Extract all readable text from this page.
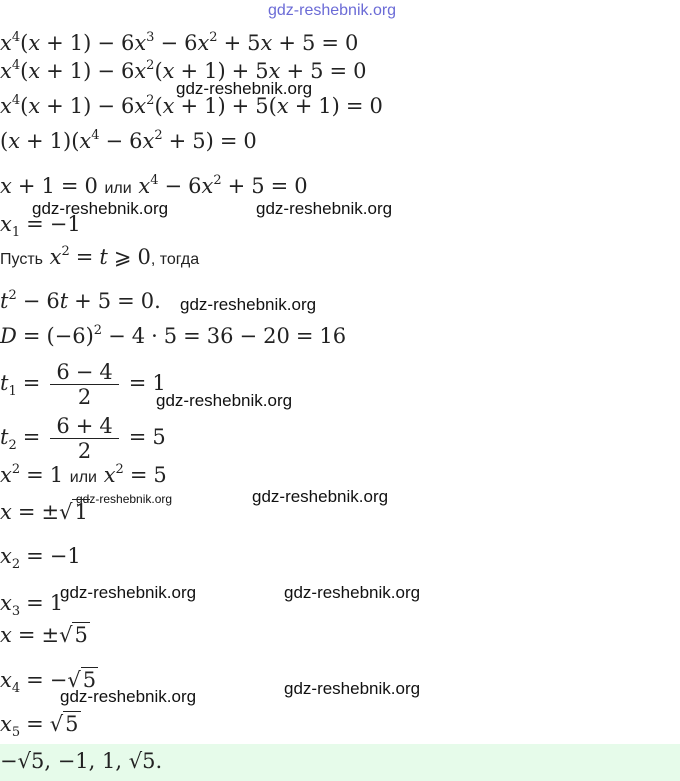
gdz-reshebnik.org
gdz-reshebnik.org
gdz-reshebnik.org	gdz-reshebnik.org
gdz-reshebnik.org
gdz-reshebnik.org
gdz-reshebnik.org	gdz-reshebnik.org
gdz-reshebnik.org	gdz-reshebnik.org
gdz-reshebnik.org	gdz-reshebnik.org
$x^4(x + 1) - 6x^3 - 6x^2 + 5x + 5 = 0$
$x^4(x + 1) - 6x^2(x + 1) + 5x + 5 = 0$
$x^4(x + 1) - 6x^2(x + 1) + 5(x + 1) = 0$
$(x + 1)(x^4 - 6x^2 + 5) = 0$
x + 1 = 0 или $x^4 - 6x^2 + 5 = 0$
$x_1 = -1$
Пусть $x^2 = t$ ⩾ 0, тогда
$t^2 - 6t + 5 = 0$.
$D = (-6)^2 - 4 \cdot 5 = 36 - 20 = 16$
$t_1 = \frac{6 - 4}{2} = 1$
$t_2 = \frac{6 + 4}{2} = 5$
$x^2 = 1$ или $x^2 = 5$
x = ±√1
$x_2 = -1$
$x_3 = 1$
x = ±√5
$x_4 = -√5$
$x_5 = √5$
−√5, −1, 1, √5.
